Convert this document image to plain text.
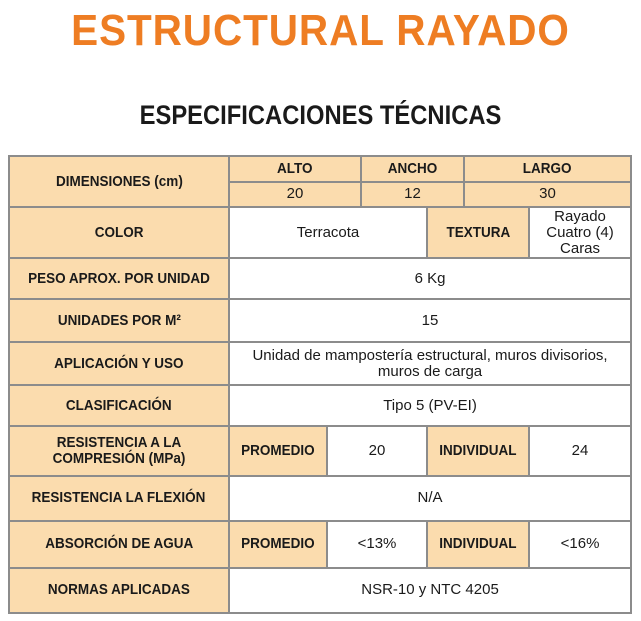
ESTRUCTURAL RAYADO
ESPECIFICACIONES TÉCNICAS
DIMENSIONES (cm)	ALTO		ANCHO		LARGO	
	20		12		30	
COLOR	Terracota			TEXTURA		Rayado Cuatro (4) Caras
PESO APROX. POR UNIDAD	6 Kg					
UNIDADES POR M²	15					
APLICACIÓN Y USO	Unidad de mampostería estructural, muros divisorios, muros de carga					
CLASIFICACIÓN	Tipo 5 (PV-EI)					
RESISTENCIA A LA COMPRESIÓN (MPa)	PROMEDIO	20		INDIVIDUAL		24
RESISTENCIA LA FLEXIÓN	N/A					
ABSORCIÓN DE AGUA	PROMEDIO	<13%		INDIVIDUAL		<16%
NORMAS APLICADAS	NSR-10 y NTC 4205					
